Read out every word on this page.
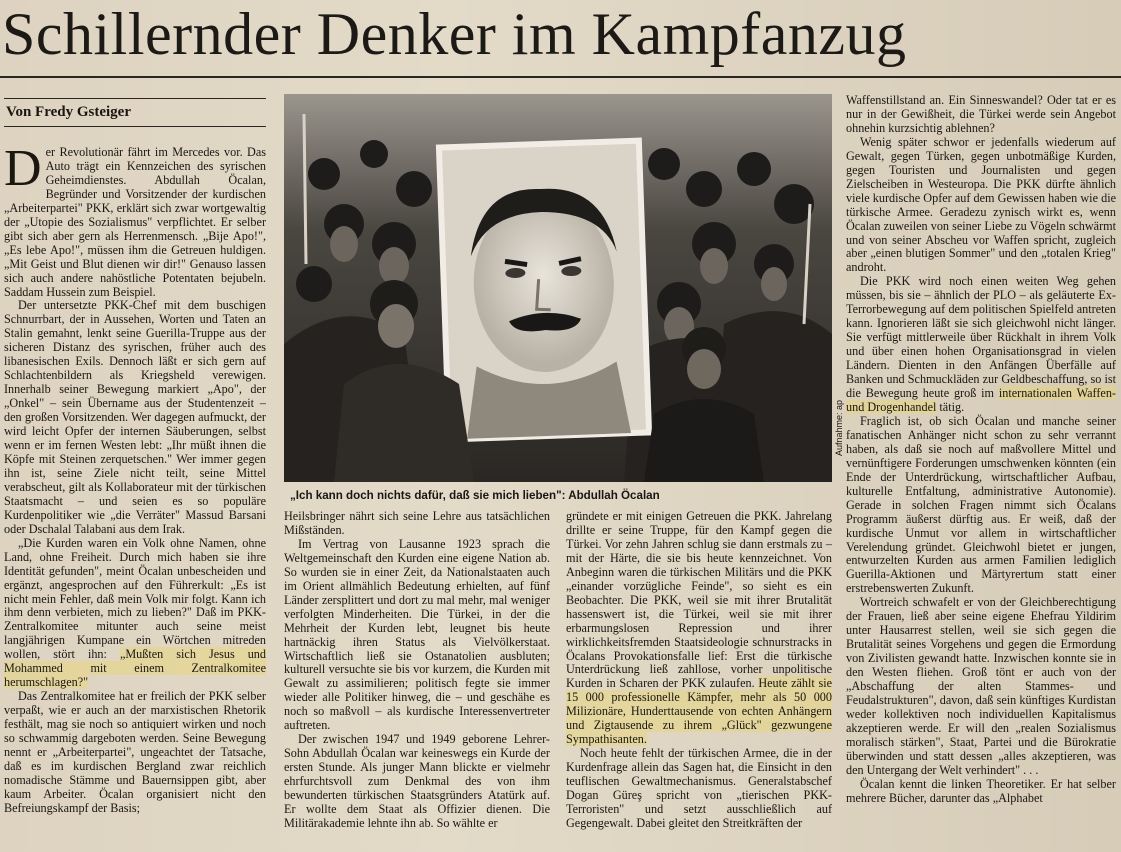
Schillernder Denker im Kampfanzug
Von Fredy Gsteiger

Der Revolutionär fährt im Mercedes vor. Das Auto trägt ein Kennzeichen des syrischen Geheimdienstes. Abdullah Öcalan, Begründer und Vorsitzender der kurdischen „Arbeiterpartei" PKK, erklärt sich zwar wortgewaltig der „Utopie des Sozialismus" verpflichtet. Er selber gibt sich aber gern als Herrenmensch. „Bije Apo!", „Es lebe Apo!", müssen ihm die Getreuen huldigen. „Mit Geist und Blut dienen wir dir!" Genauso lassen sich auch andere nahöstliche Potentaten bejubeln. Saddam Hussein zum Beispiel.

Der untersetzte PKK-Chef mit dem buschigen Schnurrbart, der in Aussehen, Worten und Taten an Stalin gemahnt, lenkt seine Guerilla-Truppe aus der sicheren Distanz des syrischen, früher auch des libanesischen Exils. Dennoch läßt er sich gern auf Schlachtenbildern als Kriegsheld verewigen. Innerhalb seiner Bewegung markiert „Apo", der „Onkel" – sein Übername aus der Studentenzeit – den großen Vorsitzenden. Wer dagegen aufmuckt, der wird leicht Opfer der internen Säuberungen, selbst wenn er im fernen Westen lebt: „Ihr müßt ihnen die Köpfe mit Steinen zerquetschen." Wer immer gegen ihn ist, seine Ziele nicht teilt, seine Mittel verabscheut, gilt als Kollaborateur mit der türkischen Staatsmacht – und seien es so populäre Kurdenpolitiker wie „die Verräter" Massud Barsani oder Dschalal Talabani aus dem Irak.

„Die Kurden waren ein Volk ohne Namen, ohne Land, ohne Freiheit. Durch mich haben sie ihre Identität gefunden", meint Öcalan unbescheiden und ergänzt, angesprochen auf den Führerkult: „Es ist nicht mein Fehler, daß mein Volk mir folgt. Kann ich ihm denn verbieten, mich zu lieben?" Daß im PKK-Zentralkomitee mitunter auch seine meist langjährigen Kumpane ein Wörtchen mitreden wollen, stört ihn: „Mußten sich Jesus und Mohammed mit einem Zentralkomitee herumschlagen?"

Das Zentralkomitee hat er freilich der PKK selber verpaßt, wie er auch an der marxistischen Rhetorik festhält, mag sie noch so antiquiert wirken und noch so schwammig dargeboten werden. Seine Bewegung nennt er „Arbeiterpartei", ungeachtet der Tatsache, daß es im kurdischen Bergland zwar reichlich nomadische Stämme und Bauernsippen gibt, aber kaum Arbeiter. Öcalan organisiert nicht den Befreiungskampf der Basis;

Aufnahme: ap
„Ich kann doch nichts dafür, daß sie mich lieben": Abdullah Öcalan

Heilsbringer nährt sich seine Lehre aus tatsächlichen Mißständen.

Im Vertrag von Lausanne 1923 sprach die Weltgemeinschaft den Kurden eine eigene Nation ab. So wurden sie in einer Zeit, da Nationalstaaten auch im Orient allmählich Bedeutung erhielten, auf fünf Länder zersplittert und dort zu mal mehr, mal weniger verfolgten Minderheiten. Die Türkei, in der die Mehrheit der Kurden lebt, leugnet bis heute hartnäckig ihren Status als Vielvölkerstaat. Wirtschaftlich ließ sie Ostanatolien ausbluten; kulturell versuchte sie bis vor kurzem, die Kurden mit Gewalt zu assimilieren; politisch fegte sie immer wieder alle Politiker hinweg, die – und geschähe es noch so maßvoll – als kurdische Interessenvertreter auftreten.

Der zwischen 1947 und 1949 geborene Lehrer-Sohn Abdullah Öcalan war keineswegs ein Kurde der ersten Stunde. Als junger Mann blickte er vielmehr ehrfurchtsvoll zum Denkmal des von ihm bewunderten türkischen Staatsgründers Atatürk auf. Er wollte dem Staat als Offizier dienen. Die Militärakademie lehnte ihn ab. So wählte er

gründete er mit einigen Getreuen die PKK. Jahrelang drillte er seine Truppe, für den Kampf gegen die Türkei. Vor zehn Jahren schlug sie dann erstmals zu – mit der Härte, die sie bis heute kennzeichnet. Von Anbeginn waren die türkischen Militärs und die PKK „einander vorzügliche Feinde", so sieht es ein Beobachter. Die PKK, weil sie mit ihrer Brutalität hassenswert ist, die Türkei, weil sie mit ihrer erbarmungslosen Repression und ihrer wirklichkeitsfremden Staatsideologie schnurstracks in Öcalans Provokationsfalle lief: Erst die türkische Unterdrückung ließ zahllose, vorher unpolitische Kurden in Scharen der PKK zulaufen. Heute zählt sie 15 000 professionelle Kämpfer, mehr als 50 000 Milizionäre, Hunderttausende von echten Anhängern und Zigtausende zu ihrem „Glück" gezwungene Sympathisanten.

Noch heute fehlt der türkischen Armee, die in der Kurdenfrage allein das Sagen hat, die Einsicht in den teuflischen Gewaltmechanismus. Generalstabschef Dogan Güreş spricht von „tierischen PKK-Terroristen" und setzt ausschließlich auf Gegengewalt. Dabei gleitet den Streitkräften der

Waffenstillstand an. Ein Sinneswandel? Oder tat er es nur in der Gewißheit, die Türkei werde sein Angebot ohnehin kurzsichtig ablehnen?

Wenig später schwor er jedenfalls wiederum auf Gewalt, gegen Türken, gegen unbotmäßige Kurden, gegen Touristen und Journalisten und gegen Zielscheiben in Westeuropa. Die PKK dürfte ähnlich viele kurdische Opfer auf dem Gewissen haben wie die türkische Armee. Geradezu zynisch wirkt es, wenn Öcalan zuweilen von seiner Liebe zu Vögeln schwärmt und von seiner Abscheu vor Waffen spricht, zugleich aber „einen blutigen Sommer" und den „totalen Krieg" androht.

Die PKK wird noch einen weiten Weg gehen müssen, bis sie – ähnlich der PLO – als geläuterte Ex-Terrorbewegung auf dem politischen Spielfeld antreten kann. Ignorieren läßt sie sich gleichwohl nicht länger. Sie verfügt mittlerweile über Rückhalt in ihrem Volk und über einen hohen Organisationsgrad in vielen Ländern. Dienten in den Anfängen Überfälle auf Banken und Schmuckläden zur Geldbeschaffung, so ist die Bewegung heute groß im internationalen Waffen- und Drogenhandel tätig.

Fraglich ist, ob sich Öcalan und manche seiner fanatischen Anhänger nicht schon zu sehr verrannt haben, als daß sie noch auf maßvollere Mittel und vernünftigere Forderungen umschwenken könnten (ein Ende der Unterdrückung, wirtschaftlicher Aufbau, kulturelle Entfaltung, administrative Autonomie). Gerade in solchen Fragen nimmt sich Öcalans Programm äußerst dürftig aus. Er weiß, daß der kurdische Unmut vor allem in wirtschaftlicher Verelendung gründet. Gleichwohl bietet er jungen, entwurzelten Kurden aus armen Familien lediglich Guerilla-Aktionen und Märtyrertum statt einer erstrebenswerten Zukunft.

Wortreich schwafelt er von der Gleichberechtigung der Frauen, ließ aber seine eigene Ehefrau Yildirim unter Hausarrest stellen, weil sie sich gegen die Brutalität seines Vorgehens und gegen die Ermordung von Zivilisten gewandt hatte. Inzwischen konnte sie in den Westen fliehen. Groß tönt er auch von der „Abschaffung der alten Stammes- und Feudalstrukturen", davon, daß sein künftiges Kurdistan weder kollektiven noch individuellen Kapitalismus akzeptieren werde. Er will den „realen Sozialismus moralisch stärken", Staat, Partei und die Bürokratie überwinden und statt dessen „alles akzeptieren, was den Untergang der Welt verhindert" . . .

Öcalan kennt die linken Theoretiker. Er hat selber mehrere Bücher, darunter das „Alphabet
